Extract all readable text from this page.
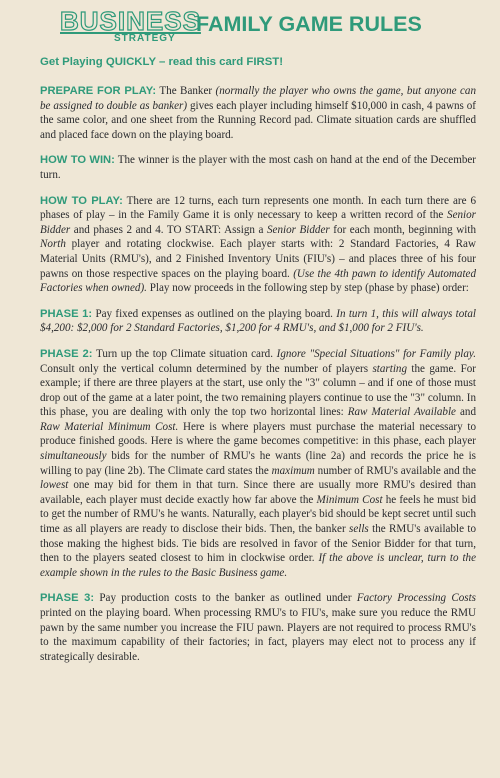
BUSINESS
STRATEGY
FAMILY GAME RULES
Get Playing QUICKLY – read this card FIRST!
PREPARE FOR PLAY: The Banker (normally the player who owns the game, but anyone can be assigned to double as banker) gives each player including himself $10,000 in cash, 4 pawns of the same color, and one sheet from the Running Record pad. Climate situation cards are shuffled and placed face down on the playing board.
HOW TO WIN: The winner is the player with the most cash on hand at the end of the December turn.
HOW TO PLAY: There are 12 turns, each turn represents one month. In each turn there are 6 phases of play – in the Family Game it is only necessary to keep a written record of the Senior Bidder and phases 2 and 4. TO START: Assign a Senior Bidder for each month, beginning with North player and rotating clockwise. Each player starts with: 2 Standard Factories, 4 Raw Material Units (RMU's), and 2 Finished Inventory Units (FIU's) – and places three of his four pawns on those respective spaces on the playing board. (Use the 4th pawn to identify Automated Factories when owned). Play now proceeds in the following step by step (phase by phase) order:
PHASE 1: Pay fixed expenses as outlined on the playing board. In turn 1, this will always total $4,200: $2,000 for 2 Standard Factories, $1,200 for 4 RMU's, and $1,000 for 2 FIU's.
PHASE 2: Turn up the top Climate situation card. Ignore "Special Situations" for Family play. Consult only the vertical column determined by the number of players starting the game. For example; if there are three players at the start, use only the "3" column – and if one of those must drop out of the game at a later point, the two remaining players continue to use the "3" column. In this phase, you are dealing with only the top two horizontal lines: Raw Material Available and Raw Material Minimum Cost. Here is where players must purchase the material necessary to produce finished goods. Here is where the game becomes competitive: in this phase, each player simultaneously bids for the number of RMU's he wants (line 2a) and records the price he is willing to pay (line 2b). The Climate card states the maximum number of RMU's available and the lowest one may bid for them in that turn. Since there are usually more RMU's desired than available, each player must decide exactly how far above the Minimum Cost he feels he must bid to get the number of RMU's he wants. Naturally, each player's bid should be kept secret until such time as all players are ready to disclose their bids. Then, the banker sells the RMU's available to those making the highest bids. Tie bids are resolved in favor of the Senior Bidder for that turn, then to the players seated closest to him in clockwise order. If the above is unclear, turn to the example shown in the rules to the Basic Business game.
PHASE 3: Pay production costs to the banker as outlined under Factory Processing Costs printed on the playing board. When processing RMU's to FIU's, make sure you reduce the RMU pawn by the same number you increase the FIU pawn. Players are not required to process RMU's to the maximum capability of their factories; in fact, players may elect not to process any if strategically desirable.
